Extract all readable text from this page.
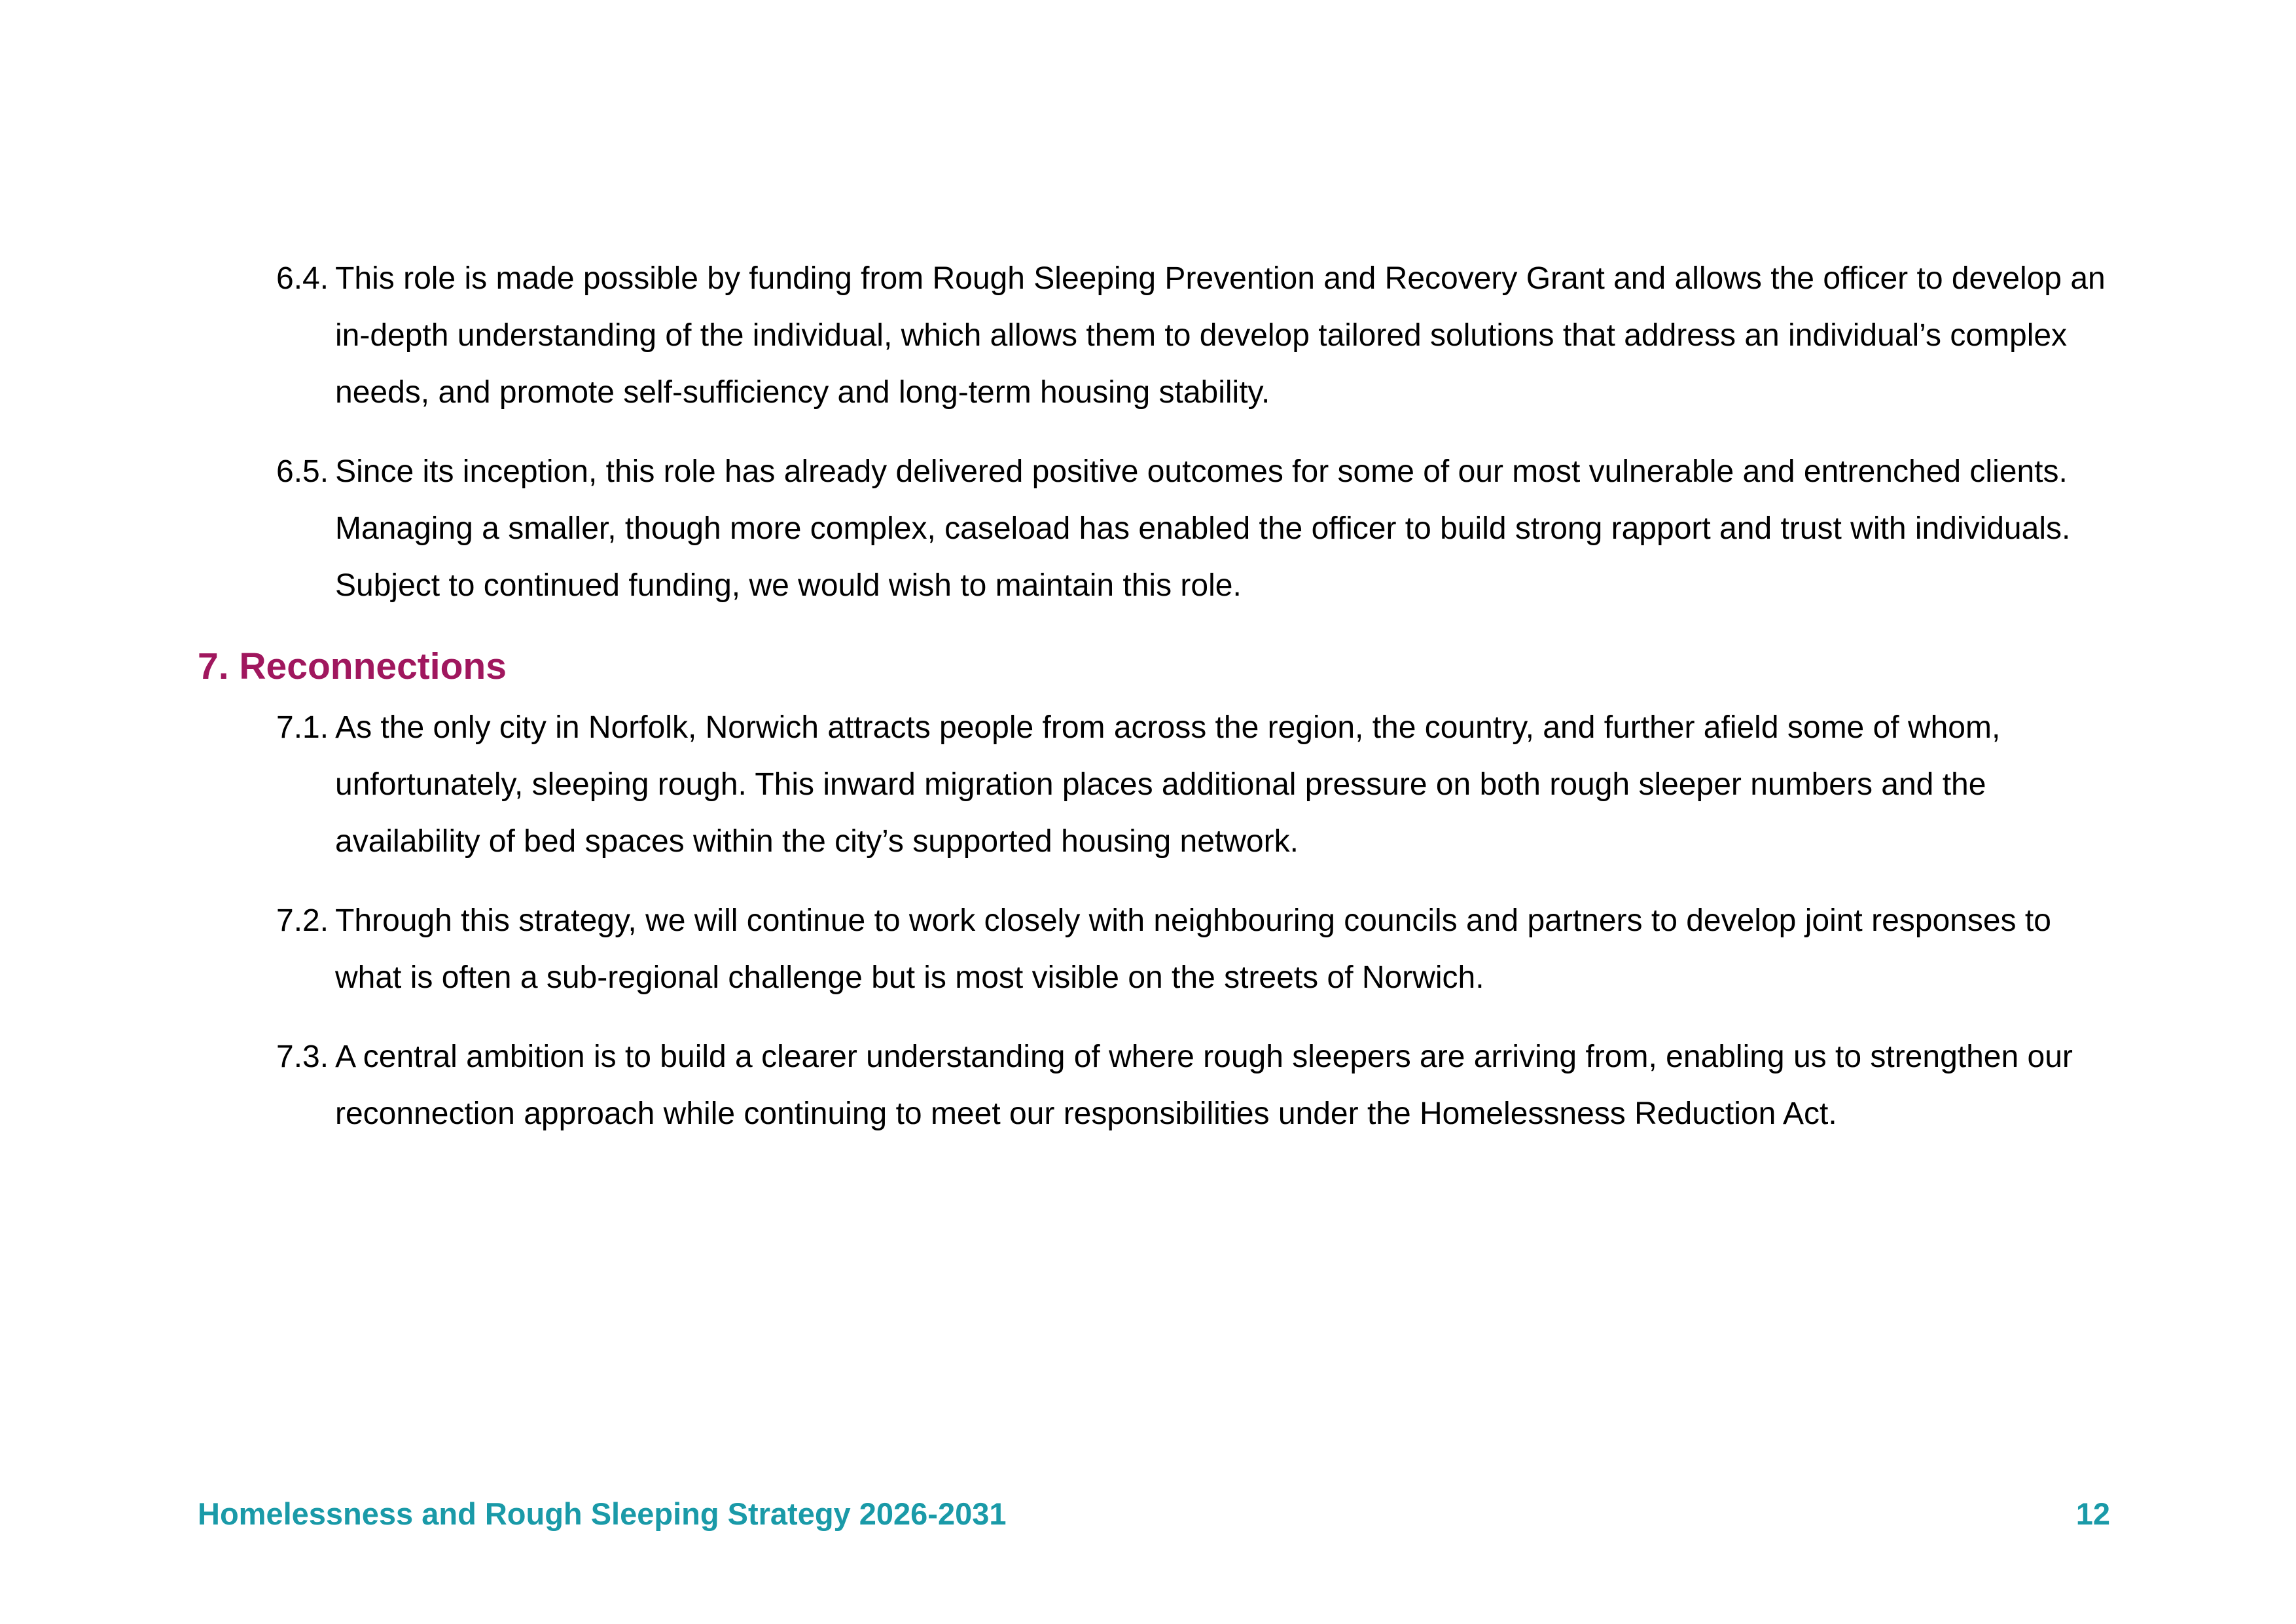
6.4. This role is made possible by funding from Rough Sleeping Prevention and Recovery Grant and allows the officer to develop an in-depth understanding of the individual, which allows them to develop tailored solutions that address an individual’s complex needs, and promote self-sufficiency and long-term housing stability.

6.5. Since its inception, this role has already delivered positive outcomes for some of our most vulnerable and entrenched clients. Managing a smaller, though more complex, caseload has enabled the officer to build strong rapport and trust with individuals. Subject to continued funding, we would wish to maintain this role.

7. Reconnections

7.1. As the only city in Norfolk, Norwich attracts people from across the region, the country, and further afield some of whom, unfortunately, sleeping rough. This inward migration places additional pressure on both rough sleeper numbers and the availability of bed spaces within the city’s supported housing network.

7.2. Through this strategy, we will continue to work closely with neighbouring councils and partners to develop joint responses to what is often a sub-regional challenge but is most visible on the streets of Norwich.

7.3. A central ambition is to build a clearer understanding of where rough sleepers are arriving from, enabling us to strengthen our reconnection approach while continuing to meet our responsibilities under the Homelessness Reduction Act.

Homelessness and Rough Sleeping Strategy 2026-2031	12
